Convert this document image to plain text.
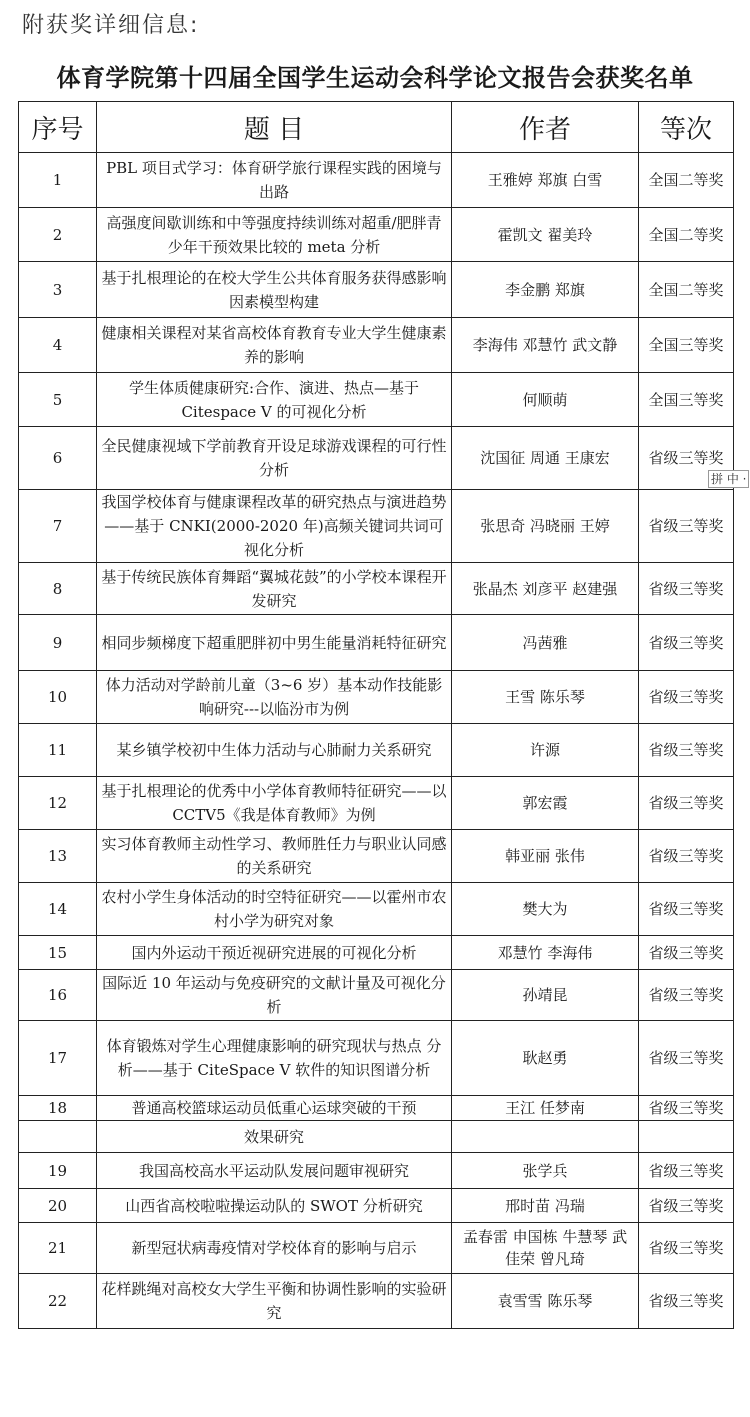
附获奖详细信息:
体育学院第十四届全国学生运动会科学论文报告会获奖名单
序号	题 目	作者	等次
1	PBL 项目式学习：体育研学旅行课程实践的困境与出路	王雅婷 郑旗 白雪	全国二等奖
2	高强度间歇训练和中等强度持续训练对超重/肥胖青少年干预效果比较的 meta 分析	霍凯文 翟美玲	全国二等奖
3	基于扎根理论的在校大学生公共体育服务获得感影响因素模型构建	李金鹏 郑旗	全国二等奖
4	健康相关课程对某省高校体育教育专业大学生健康素养的影响	李海伟 邓慧竹 武文静	全国三等奖
5	学生体质健康研究:合作、演进、热点—基于 Citespace V 的可视化分析	何顺萌	全国三等奖
6	全民健康视域下学前教育开设足球游戏课程的可行性分析	沈国征 周通 王康宏	省级三等奖
7	我国学校体育与健康课程改革的研究热点与演进趋势——基于 CNKI(2000-2020 年)高频关键词共词可视化分析	张思奇 冯晓丽 王婷	省级三等奖
8	基于传统民族体育舞蹈“翼城花鼓”的小学校本课程开发研究	张晶杰 刘彦平 赵建强	省级三等奖
9	相同步频梯度下超重肥胖初中男生能量消耗特征研究	冯茜雅	省级三等奖
10	体力活动对学龄前儿童（3~6 岁）基本动作技能影响研究---以临汾市为例	王雪 陈乐琴	省级三等奖
11	某乡镇学校初中生体力活动与心肺耐力关系研究	许源	省级三等奖
12	基于扎根理论的优秀中小学体育教师特征研究——以 CCTV5《我是体育教师》为例	郭宏霞	省级三等奖
13	实习体育教师主动性学习、教师胜任力与职业认同感的关系研究	韩亚丽 张伟	省级三等奖
14	农村小学生身体活动的时空特征研究——以霍州市农村小学为研究对象	樊大为	省级三等奖
15	国内外运动干预近视研究进展的可视化分析	邓慧竹 李海伟	省级三等奖
16	国际近 10 年运动与免疫研究的文献计量及可视化分析	孙靖昆	省级三等奖
17	体育锻炼对学生心理健康影响的研究现状与热点 分析——基于 CiteSpace V 软件的知识图谱分析	耿赵勇	省级三等奖
18	普通高校篮球运动员低重心运球突破的干预	王江 任梦南	省级三等奖
	效果研究		
19	我国高校高水平运动队发展问题审视研究	张学兵	省级三等奖
20	山西省高校啦啦操运动队的 SWOT 分析研究	邢时苗 冯瑞	省级三等奖
21	新型冠状病毒疫情对学校体育的影响与启示	孟春雷 申国栋 牛慧琴 武佳荣 曾凡琦	省级三等奖
22	花样跳绳对高校女大学生平衡和协调性影响的实验研究	袁雪雪 陈乐琴	省级三等奖
拼 中 ·
